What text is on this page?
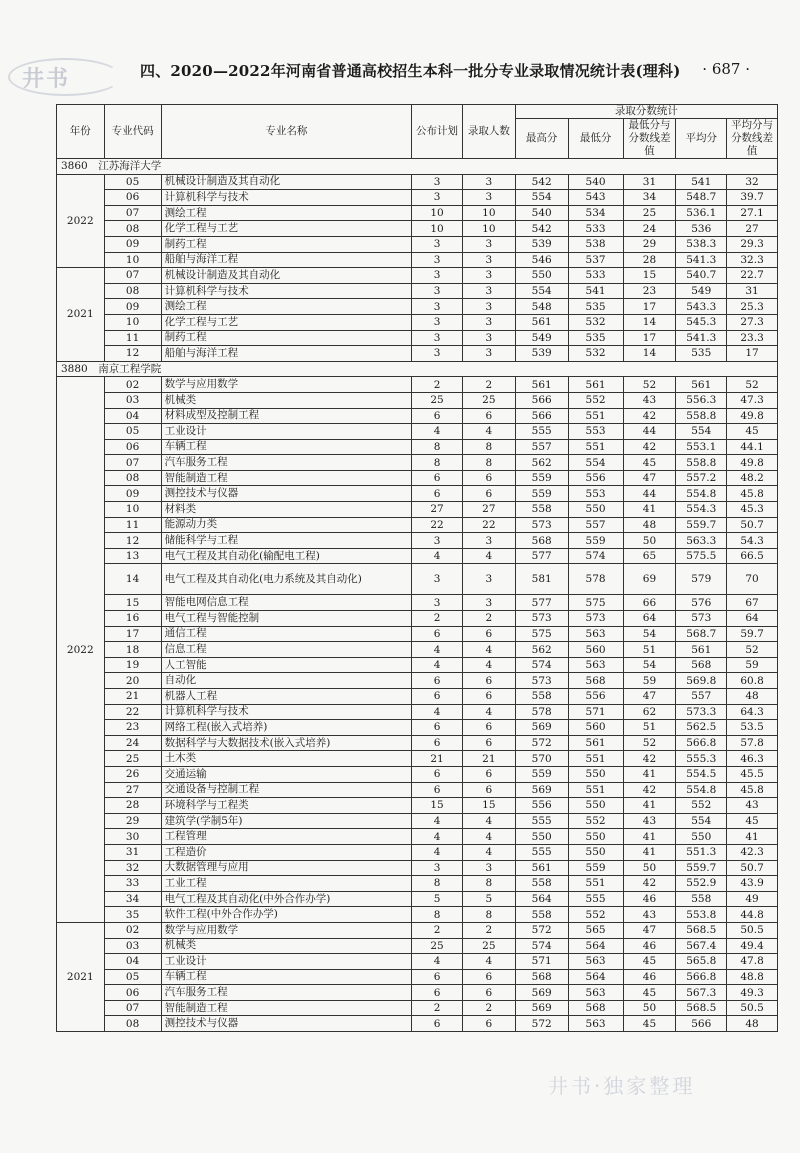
井书	四、2020—2022年河南省普通高校招生本科一批分专业录取情况统计表(理科) · 687 ·
年份	专业代码	专业名称	公布计划	录取人数	录取分数统计				
					最高分	最低分	最低分与分数线差值	平均分	平均分与分数线差值
3860　江苏海洋大学									
2022	05	机械设计制造及其自动化	3	3	542	540	31	541	32
	06	计算机科学与技术	3	3	554	543	34	548.7	39.7
	07	测绘工程	10	10	540	534	25	536.1	27.1
	08	化学工程与工艺	10	10	542	533	24	536	27
	09	制药工程	3	3	539	538	29	538.3	29.3
	10	船舶与海洋工程	3	3	546	537	28	541.3	32.3
2021	07	机械设计制造及其自动化	3	3	550	533	15	540.7	22.7
	08	计算机科学与技术	3	3	554	541	23	549	31
	09	测绘工程	3	3	548	535	17	543.3	25.3
	10	化学工程与工艺	3	3	561	532	14	545.3	27.3
	11	制药工程	3	3	549	535	17	541.3	23.3
	12	船舶与海洋工程	3	3	539	532	14	535	17
3880　南京工程学院									
2022	02	数学与应用数学	2	2	561	561	52	561	52
	03	机械类	25	25	566	552	43	556.3	47.3
	04	材料成型及控制工程	6	6	566	551	42	558.8	49.8
	05	工业设计	4	4	555	553	44	554	45
	06	车辆工程	8	8	557	551	42	553.1	44.1
	07	汽车服务工程	8	8	562	554	45	558.8	49.8
	08	智能制造工程	6	6	559	556	47	557.2	48.2
	09	测控技术与仪器	6	6	559	553	44	554.8	45.8
	10	材料类	27	27	558	550	41	554.3	45.3
	11	能源动力类	22	22	573	557	48	559.7	50.7
	12	储能科学与工程	3	3	568	559	50	563.3	54.3
	13	电气工程及其自动化(输配电工程)	4	4	577	574	65	575.5	66.5
	14	电气工程及其自动化(电力系统及其自动化)	3	3	581	578	69	579	70
	15	智能电网信息工程	3	3	577	575	66	576	67
	16	电气工程与智能控制	2	2	573	573	64	573	64
	17	通信工程	6	6	575	563	54	568.7	59.7
	18	信息工程	4	4	562	560	51	561	52
	19	人工智能	4	4	574	563	54	568	59
	20	自动化	6	6	573	568	59	569.8	60.8
	21	机器人工程	6	6	558	556	47	557	48
	22	计算机科学与技术	4	4	578	571	62	573.3	64.3
	23	网络工程(嵌入式培养)	6	6	569	560	51	562.5	53.5
	24	数据科学与大数据技术(嵌入式培养)	6	6	572	561	52	566.8	57.8
	25	土木类	21	21	570	551	42	555.3	46.3
	26	交通运输	6	6	559	550	41	554.5	45.5
	27	交通设备与控制工程	6	6	569	551	42	554.8	45.8
	28	环境科学与工程类	15	15	556	550	41	552	43
	29	建筑学(学制5年)	4	4	555	552	43	554	45
	30	工程管理	4	4	550	550	41	550	41
	31	工程造价	4	4	555	550	41	551.3	42.3
	32	大数据管理与应用	3	3	561	559	50	559.7	50.7
	33	工业工程	8	8	558	551	42	552.9	43.9
	34	电气工程及其自动化(中外合作办学)	5	5	564	555	46	558	49
	35	软件工程(中外合作办学)	8	8	558	552	43	553.8	44.8
2021	02	数学与应用数学	2	2	572	565	47	568.5	50.5
	03	机械类	25	25	574	564	46	567.4	49.4
	04	工业设计	4	4	571	563	45	565.8	47.8
	05	车辆工程	6	6	568	564	46	566.8	48.8
	06	汽车服务工程	6	6	569	563	45	567.3	49.3
	07	智能制造工程	2	2	569	568	50	568.5	50.5
	08	测控技术与仪器	6	6	572	563	45	566	48
井书·独家整理
